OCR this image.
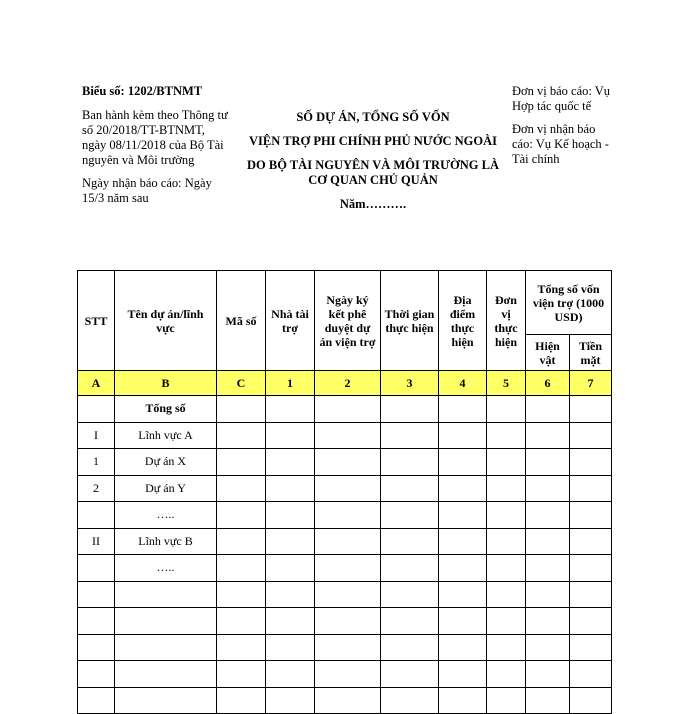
Biểu số: 1202/BTNMT
Ban hành kèm theo Thông tư số 20/2018/TT-BTNMT, ngày 08/11/2018 của Bộ Tài nguyên và Môi trường
Ngày nhận báo cáo: Ngày 15/3 năm sau
SỐ DỰ ÁN, TỔNG SỐ VỐN
VIỆN TRỢ PHI CHÍNH PHỦ NƯỚC NGOÀI
DO BỘ TÀI NGUYÊN VÀ MÔI TRƯỜNG LÀ CƠ QUAN CHỦ QUẢN
Năm……….
Đơn vị báo cáo: Vụ Hợp tác quốc tế
Đơn vị nhận báo cáo: Vụ Kế hoạch - Tài chính
STT	Tên dự án/lĩnh vực	Mã số	Nhà tài trợ	Ngày ký kết phê duyệt dự án viện trợ	Thời gian thực hiện	Địa điểm thực hiện	Đơn vị thực hiện	Tổng số vốn viện trợ (1000 USD)	
								Hiện vật	Tiền mặt
A	B	C	1	2	3	4	5	6	7
	Tổng số								
I	Lĩnh vực A								
1	Dự án X								
2	Dự án Y								
	…..								
II	Lĩnh vực B								
	…..								
